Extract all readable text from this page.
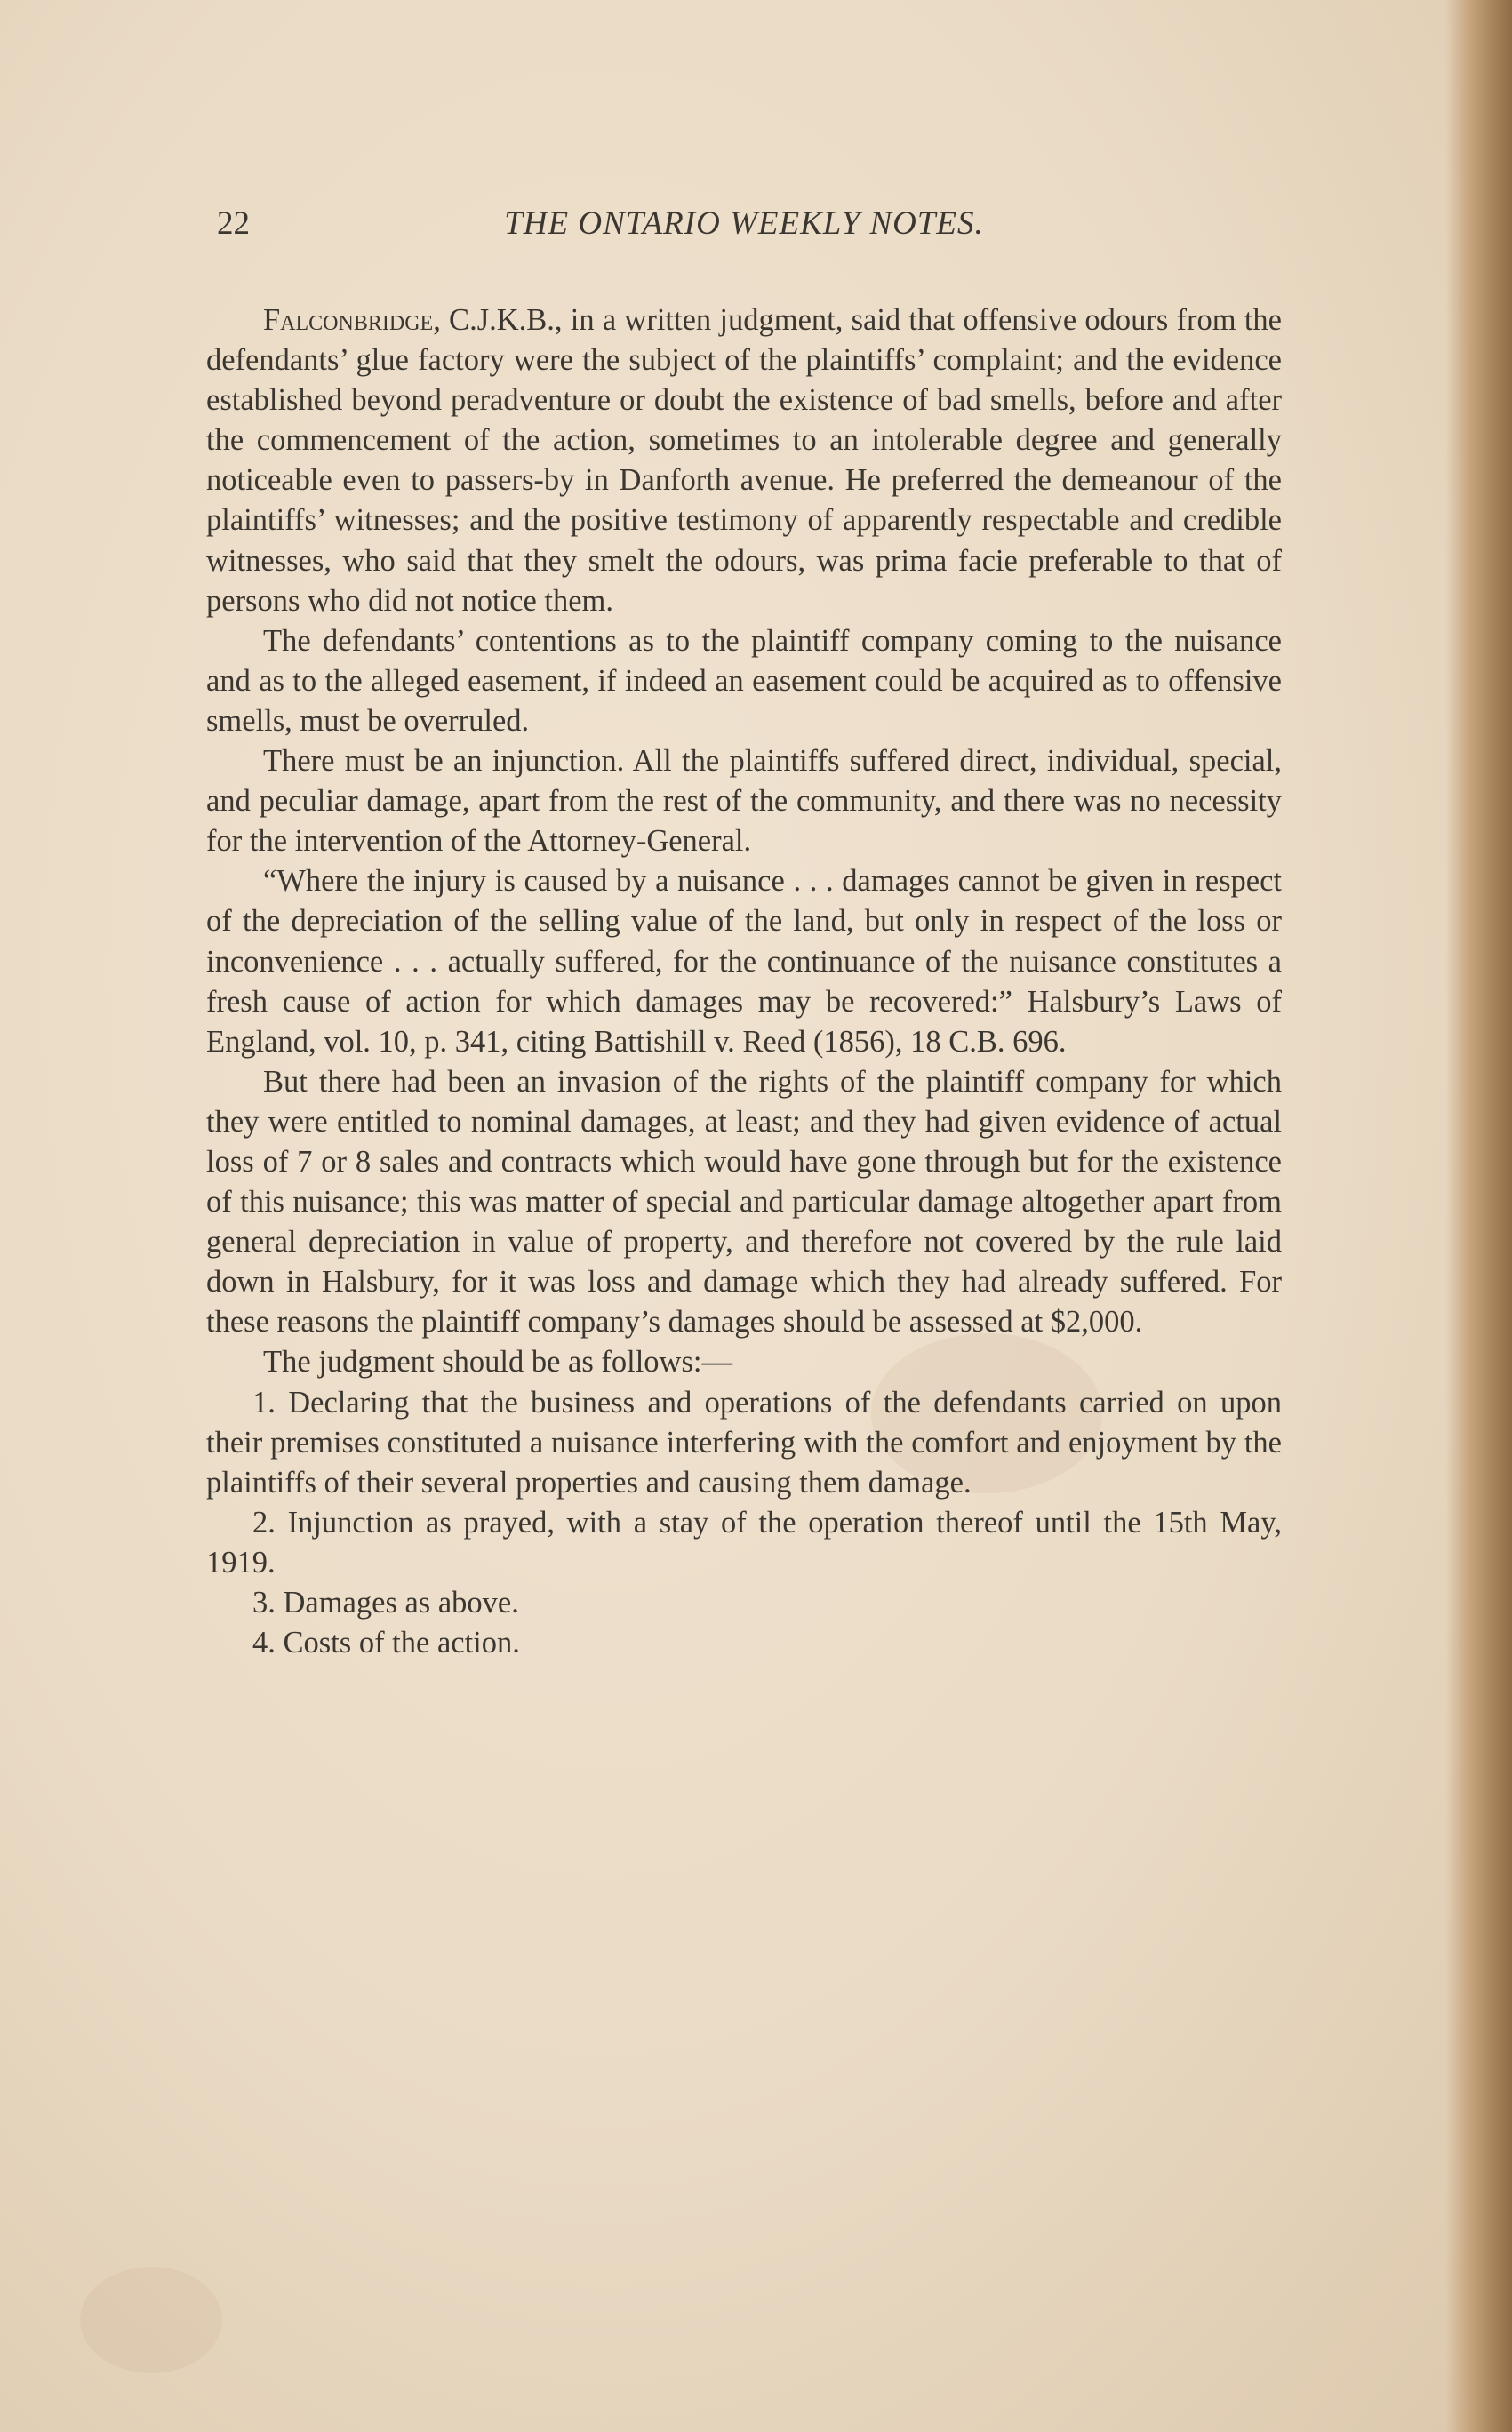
22	THE ONTARIO WEEKLY NOTES.

Falconbridge, C.J.K.B., in a written judgment, said that offensive odours from the defendants’ glue factory were the subject of the plaintiffs’ complaint; and the evidence established beyond peradventure or doubt the existence of bad smells, before and after the commencement of the action, sometimes to an intolerable degree and generally noticeable even to passers-by in Danforth avenue. He preferred the demeanour of the plaintiffs’ witnesses; and the positive testimony of apparently respectable and credible witnesses, who said that they smelt the odours, was prima facie preferable to that of persons who did not notice them.

The defendants’ contentions as to the plaintiff company coming to the nuisance and as to the alleged easement, if indeed an easement could be acquired as to offensive smells, must be overruled.

There must be an injunction. All the plaintiffs suffered direct, individual, special, and peculiar damage, apart from the rest of the community, and there was no necessity for the intervention of the Attorney-General.

“Where the injury is caused by a nuisance . . . damages cannot be given in respect of the depreciation of the selling value of the land, but only in respect of the loss or inconvenience . . . actually suffered, for the continuance of the nuisance constitutes a fresh cause of action for which damages may be recovered:” Halsbury’s Laws of England, vol. 10, p. 341, citing Battishill v. Reed (1856), 18 C.B. 696.

But there had been an invasion of the rights of the plaintiff company for which they were entitled to nominal damages, at least; and they had given evidence of actual loss of 7 or 8 sales and contracts which would have gone through but for the existence of this nuisance; this was matter of special and particular damage altogether apart from general depreciation in value of property, and therefore not covered by the rule laid down in Halsbury, for it was loss and damage which they had already suffered. For these reasons the plaintiff company’s damages should be assessed at $2,000.

The judgment should be as follows:—

1. Declaring that the business and operations of the defendants carried on upon their premises constituted a nuisance interfering with the comfort and enjoyment by the plaintiffs of their several properties and causing them damage.

2. Injunction as prayed, with a stay of the operation thereof until the 15th May, 1919.

3. Damages as above.

4. Costs of the action.
